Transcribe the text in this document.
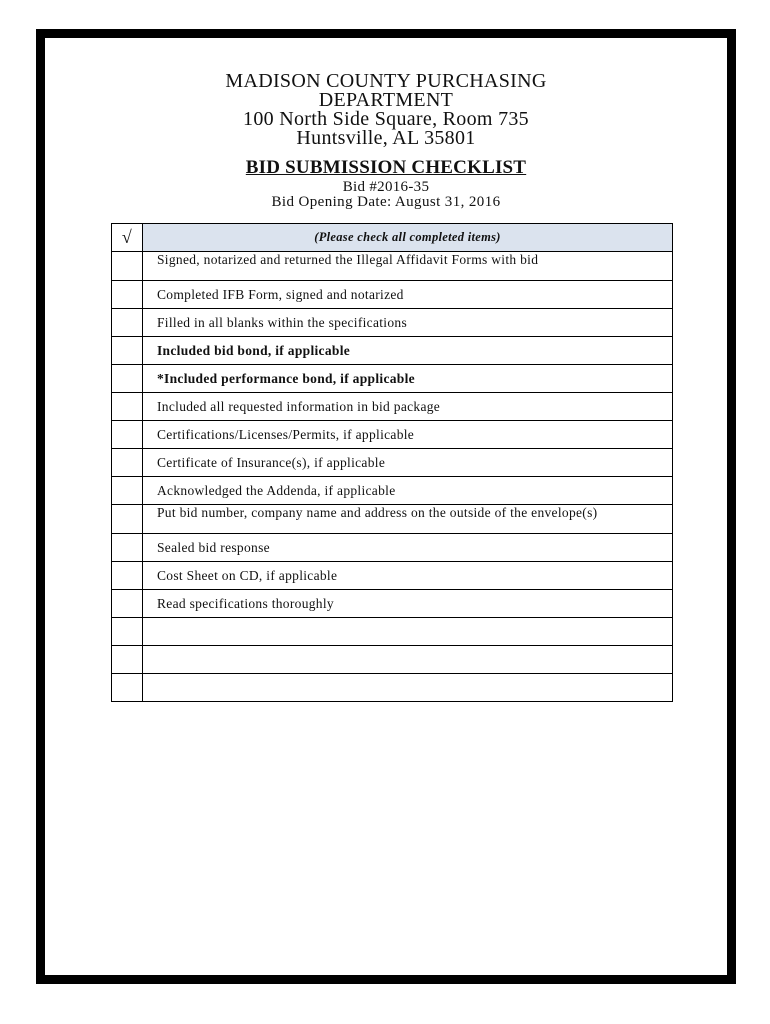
MADISON COUNTY PURCHASING
DEPARTMENT
100 North Side Square, Room 735
Huntsville, AL 35801
BID SUBMISSION CHECKLIST
Bid #2016-35
Bid Opening Date: August 31, 2016
√	(Please check all completed items)
	Signed, notarized and returned the Illegal Affidavit Forms with bid
	Completed IFB Form, signed and notarized
	Filled in all blanks within the specifications
	Included bid bond, if applicable
	*Included performance bond, if applicable
	Included all requested information in bid package
	Certifications/Licenses/Permits, if applicable
	Certificate of Insurance(s), if applicable
	Acknowledged the Addenda, if applicable
	Put bid number, company name and address on the outside of the envelope(s)
	Sealed bid response
	Cost Sheet on CD, if applicable
	Read specifications thoroughly
